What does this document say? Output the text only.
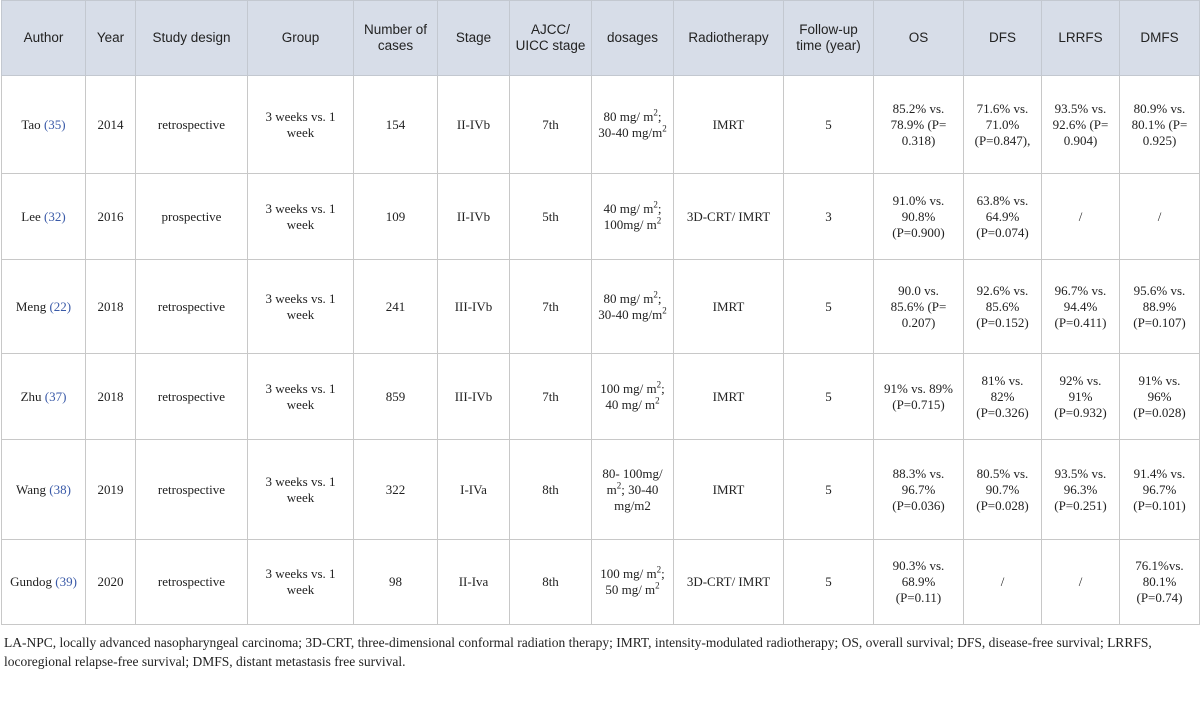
Author	Year	Study design	Group	Number of cases	Stage	AJCC/ UICC stage	dosages	Radiotherapy	Follow-up time (year)	OS	DFS	LRRFS	DMFS
Tao (35)	2014	retrospective	3 weeks vs. 1 week	154	II-IVb	7th	80 mg/ $m^2$; 30-40 $mg/m^2$	IMRT	5	85.2% vs. 78.9% (P= 0.318)	71.6% vs. 71.0% (P=0.847),	93.5% vs. 92.6% (P= 0.904)	80.9% vs. 80.1% (P= 0.925)
Lee (32)	2016	prospective	3 weeks vs. 1 week	109	II-IVb	5th	40 mg/ $m^2$; 100mg/ $m^2$	3D-CRT/ IMRT	3	91.0% vs. 90.8% (P=0.900)	63.8% vs. 64.9% (P=0.074)	/	/
Meng (22)	2018	retrospective	3 weeks vs. 1 week	241	III-IVb	7th	80 mg/ $m^2$; 30-40 $mg/m^2$	IMRT	5	90.0 vs. 85.6% (P= 0.207)	92.6% vs. 85.6% (P=0.152)	96.7% vs. 94.4% (P=0.411)	95.6% vs. 88.9% (P=0.107)
Zhu (37)	2018	retrospective	3 weeks vs. 1 week	859	III-IVb	7th	100 mg/ $m^2$; 40 mg/ $m^2$	IMRT	5	91% vs. 89% (P=0.715)	81% vs. 82% (P=0.326)	92% vs. 91% (P=0.932)	91% vs. 96% (P=0.028)
Wang (38)	2019	retrospective	3 weeks vs. 1 week	322	I-IVa	8th	80- 100mg/ $m^2$; 30-40 mg/m2	IMRT	5	88.3% vs. 96.7% (P=0.036)	80.5% vs. 90.7% (P=0.028)	93.5% vs. 96.3% (P=0.251)	91.4% vs. 96.7% (P=0.101)
Gundog (39)	2020	retrospective	3 weeks vs. 1 week	98	II-Iva	8th	100 mg/ $m^2$; 50 mg/ $m^2$	3D-CRT/ IMRT	5	90.3% vs. 68.9% (P=0.11)	/	/	76.1%vs. 80.1% (P=0.74)
LA-NPC, locally advanced nasopharyngeal carcinoma; 3D-CRT, three-dimensional conformal radiation therapy; IMRT, intensity-modulated radiotherapy; OS, overall survival; DFS, disease-free survival; LRRFS, locoregional relapse-free survival; DMFS, distant metastasis free survival.
